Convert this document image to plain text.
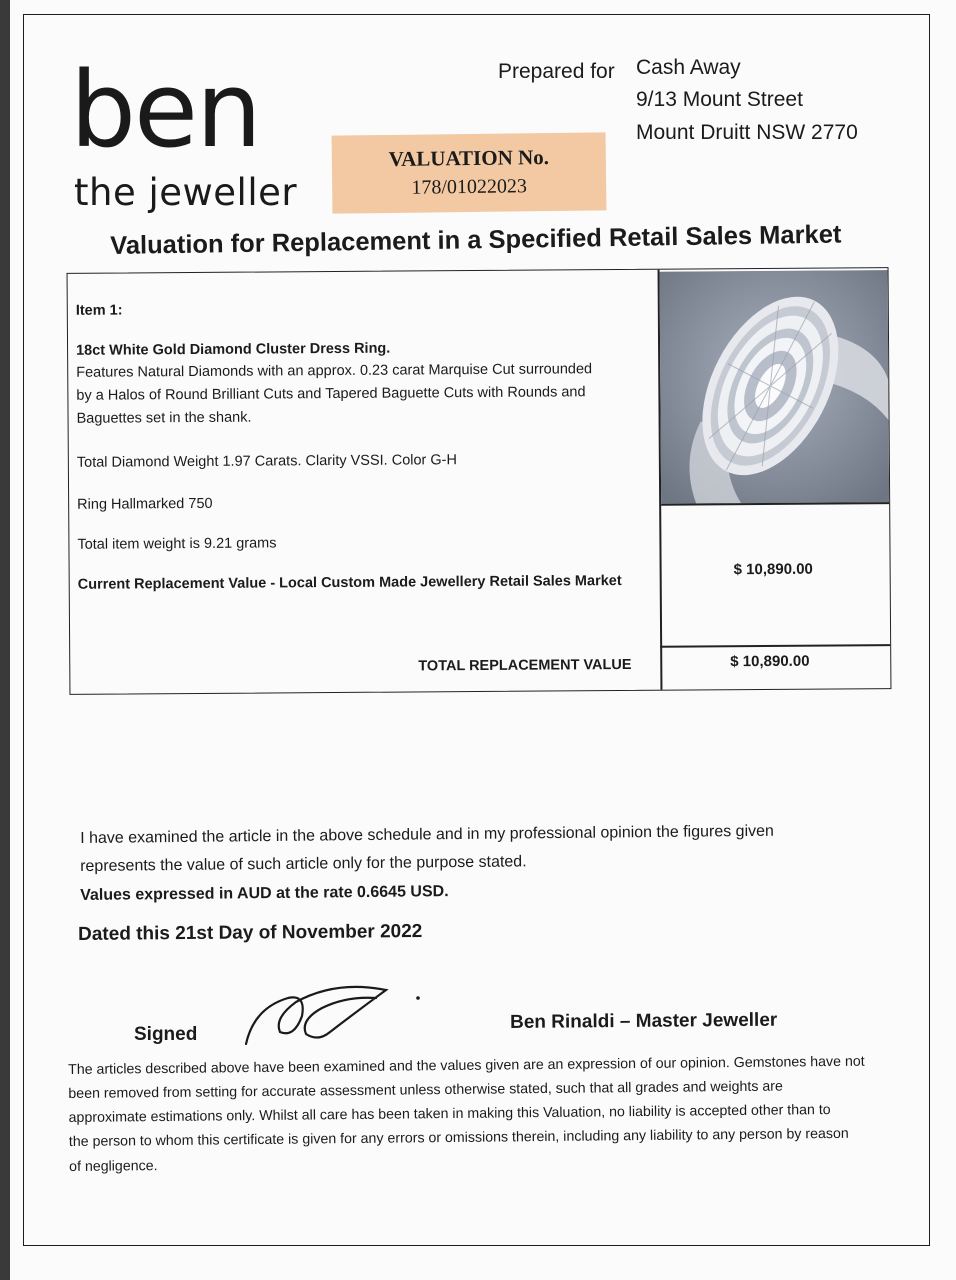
ben
the jeweller
Prepared for Cash Away
9/13 Mount Street
Mount Druitt NSW 2770
VALUATION No.
178/01022023
Valuation for Replacement in a Specified Retail Sales Market
Item 1:
18ct White Gold Diamond Cluster Dress Ring.
Features Natural Diamonds with an approx. 0.23 carat Marquise Cut surrounded
by a Halos of Round Brilliant Cuts and Tapered Baguette Cuts with Rounds and
Baguettes set in the shank.
Total Diamond Weight 1.97 Carats. Clarity VSSI. Color G-H
Ring Hallmarked 750
Total item weight is 9.21 grams
Current Replacement Value - Local Custom Made Jewellery Retail Sales Market
TOTAL REPLACEMENT VALUE
$ 10,890.00
$ 10,890.00
I have examined the article in the above schedule and in my professional opinion the figures given
represents the value of such article only for the purpose stated.
Values expressed in AUD at the rate 0.6645 USD.
Dated this 21st Day of November 2022
Signed
Ben Rinaldi – Master Jeweller
The articles described above have been examined and the values given are an expression of our opinion. Gemstones have not
been removed from setting for accurate assessment unless otherwise stated, such that all grades and weights are
approximate estimations only. Whilst all care has been taken in making this Valuation, no liability is accepted other than to
the person to whom this certificate is given for any errors or omissions therein, including any liability to any person by reason
of negligence.
